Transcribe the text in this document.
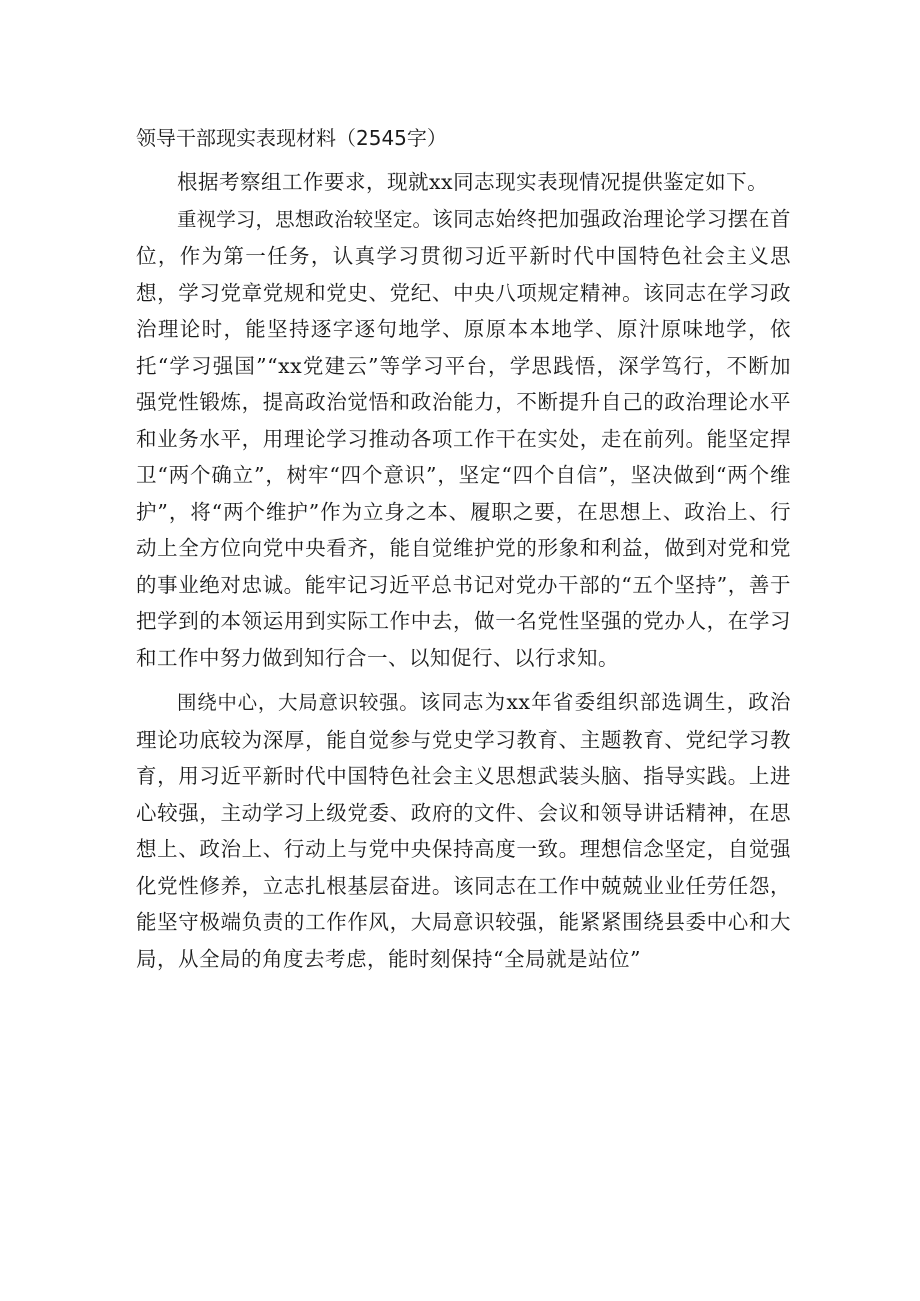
领导干部现实表现材料（2545字）

根据考察组工作要求，现就xx同志现实表现情况提供鉴定如下。

重视学习，思想政治较坚定。该同志始终把加强政治理论学习摆在首位，作为第一任务，认真学习贯彻习近平新时代中国特色社会主义思想，学习党章党规和党史、党纪、中央八项规定精神。该同志在学习政治理论时，能坚持逐字逐句地学、原原本本地学、原汁原味地学，依托“学习强国”“xx党建云”等学习平台，学思践悟，深学笃行，不断加强党性锻炼，提高政治觉悟和政治能力，不断提升自己的政治理论水平和业务水平，用理论学习推动各项工作干在实处，走在前列。能坚定捍卫“两个确立”，树牢“四个意识”，坚定“四个自信”，坚决做到“两个维护”，将“两个维护”作为立身之本、履职之要，在思想上、政治上、行动上全方位向党中央看齐，能自觉维护党的形象和利益，做到对党和党的事业绝对忠诚。能牢记习近平总书记对党办干部的“五个坚持”，善于把学到的本领运用到实际工作中去，做一名党性坚强的党办人，在学习和工作中努力做到知行合一、以知促行、以行求知。

围绕中心，大局意识较强。该同志为xx年省委组织部选调生，政治理论功底较为深厚，能自觉参与党史学习教育、主题教育、党纪学习教育，用习近平新时代中国特色社会主义思想武装头脑、指导实践。上进心较强，主动学习上级党委、政府的文件、会议和领导讲话精神，在思想上、政治上、行动上与党中央保持高度一致。理想信念坚定，自觉强化党性修养，立志扎根基层奋进。该同志在工作中兢兢业业任劳任怨，能坚守极端负责的工作作风，大局意识较强，能紧紧围绕县委中心和大局，从全局的角度去考虑，能时刻保持“全局就是站位”
